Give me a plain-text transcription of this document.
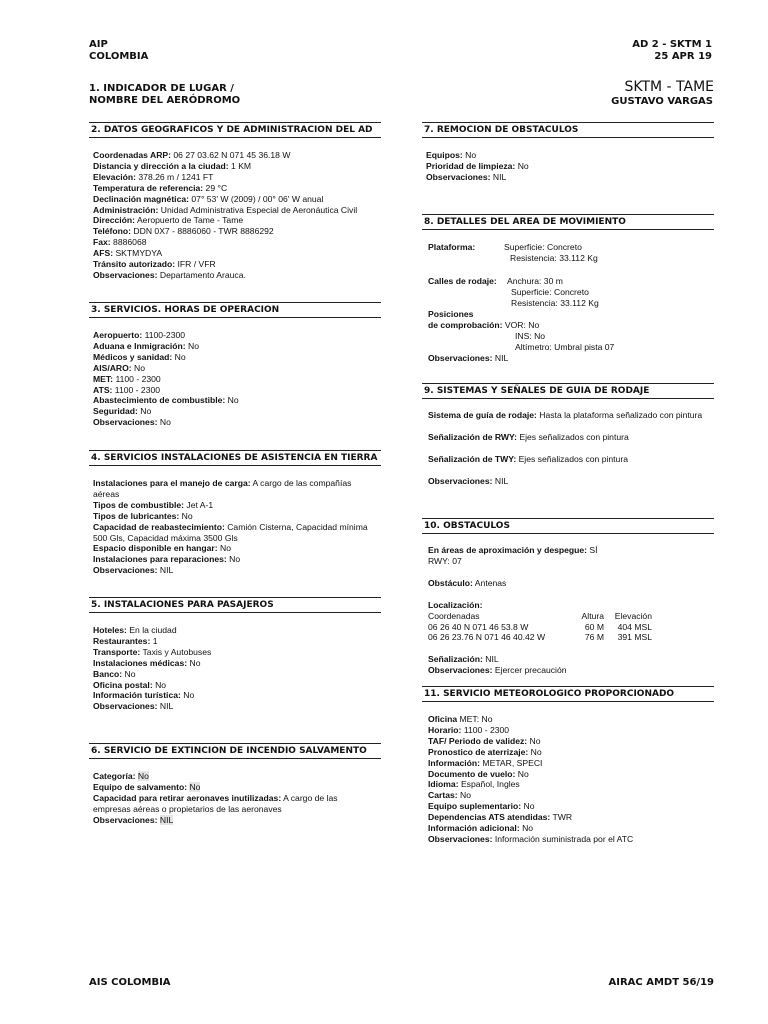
AIP
COLOMBIA
AD 2 - SKTM 1
25 APR 19
1. INDICADOR DE LUGAR /
NOMBRE DEL AERÓDROMO
SKTM - TAME
GUSTAVO VARGAS
2. DATOS GEOGRAFICOS Y DE ADMINISTRACION DEL AD
Coordenadas ARP: 06 27 03.62 N 071 45 36.18 W
Distancia y dirección a la ciudad: 1 KM
Elevación: 378.26 m / 1241 FT
Temperatura de referencia: 29 °C
Declinación magnética: 07° 53' W (2009) / 00° 06' W anual
Administración: Unidad Administrativa Especial de Aeronáutica Civil
Dirección: Aeropuerto de Tame - Tame
Teléfono: DDN 0X7 - 8886060 - TWR 8886292
Fax: 8886068
AFS: SKTMYDYA
Tránsito autorizado: IFR / VFR
Observaciones: Departamento Arauca.
3. SERVICIOS. HORAS DE OPERACION
Aeropuerto: 1100-2300
Aduana e Inmigración: No
Médicos y sanidad: No
AIS/ARO: No
MET: 1100 - 2300
ATS: 1100 - 2300
Abastecimiento de combustible: No
Seguridad: No
Observaciones: No
4. SERVICIOS INSTALACIONES DE ASISTENCIA EN TIERRA
Instalaciones para el manejo de carga: A cargo de las compañías aéreas
Tipos de combustible: Jet A-1
Tipos de lubricantes: No
Capacidad de reabastecimiento: Camión Cisterna, Capacidad mínima 500 Gls, Capacidad máxima 3500 Gls
Espacio disponible en hangar: No
Instalaciones para reparaciones: No
Observaciones: NIL
5. INSTALACIONES PARA PASAJEROS
Hoteles: En la ciudad
Restaurantes: 1
Transporte: Taxis y Autobuses
Instalaciones médicas: No
Banco: No
Oficina postal: No
Información turística: No
Observaciones: NIL
6. SERVICIO DE EXTINCION DE INCENDIO SALVAMENTO
Categoría: No
Equipo de salvamento: No
Capacidad para retirar aeronaves inutilizadas: A cargo de las empresas aéreas o propietarios de las aeronaves
Observaciones: NIL
7. REMOCION DE OBSTACULOS
Equipos: No
Prioridad de limpieza: No
Observaciones: NIL
8. DETALLES DEL AREA DE MOVIMIENTO
Plataforma:	Superficie: Concreto
Resistencia: 33.112 Kg
Calles de rodaje: Anchura: 30 m
Superficie: Concreto
Resistencia: 33.112 Kg
Posiciones
de comprobación: VOR: No
INS: No
Altímetro: Umbral pista 07
Observaciones: NIL
9. SISTEMAS Y SEÑALES DE GUIA DE RODAJE
Sistema de guía de rodaje: Hasta la plataforma señalizado con pintura
Señalización de RWY: Ejes señalizados con pintura
Señalización de TWY: Ejes señalizados con pintura
Observaciones: NIL
10. OBSTACULOS
En áreas de aproximación y despegue: SÍ
RWY: 07
Obstáculo: Antenas
Localización:
Coordenadas	Altura	Elevación
06 26 40 N 071 46 53.8 W	60 M	404 MSL
06 26 23.76 N 071 46 40.42 W	76 M	391 MSL
Señalización: NIL
Observaciones: Ejercer precaución
11. SERVICIO METEOROLOGICO PROPORCIONADO
Oficina MET: No
Horario: 1100 - 2300
TAF/ Periodo de validez: No
Pronostico de aterrizaje: No
Información: METAR, SPECI
Documento de vuelo: No
Idioma: Español, Ingles
Cartas: No
Equipo suplementario: No
Dependencias ATS atendidas: TWR
Información adicional: No
Observaciones: Información suministrada por el ATC
AIS COLOMBIA	AIRAC AMDT 56/19
